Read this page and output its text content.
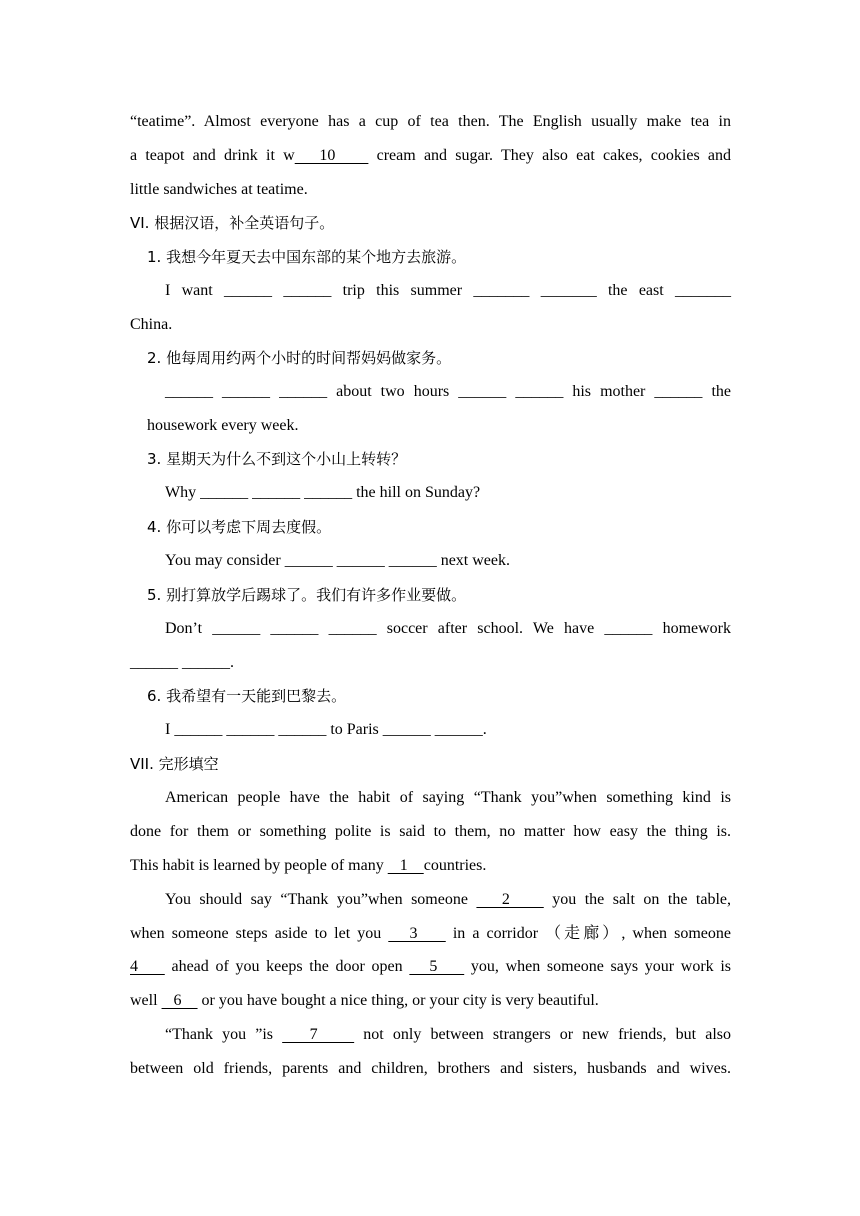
“teatime”. Almost everyone has a cup of tea then. The English usually make tea in
a teapot and drink it w   10     cream and sugar. They also eat cakes, cookies and
little sandwiches at teatime.
VI. 根据汉语，补全英语句子。
1. 我想今年夏天去中国东部的某个地方去旅游。
I want ______ ______ trip this summer _______ _______ the east _______
China.
2. 他每周用约两个小时的时间帮妈妈做家务。
______ ______ ______ about two hours ______ ______ his mother ______ the
housework every week.
3. 星期天为什么不到这个小山上转转？
Why ______ ______ ______ the hill on Sunday?
4. 你可以考虑下周去度假。
You may consider ______ ______ ______ next week.
5. 别打算放学后踢球了。我们有许多作业要做。
Don’t ______ ______ ______ soccer after school. We have ______ homework
______ ______.
6. 我希望有一天能到巴黎去。
I ______ ______ ______ to Paris ______ ______.
VII. 完形填空
American people have the habit of saying “Thank you”when something kind is
done for them or something polite is said to them, no matter how easy the thing is.
This habit is learned by people of many    1    countries.
You should say “Thank you”when someone    2     you the salt on the table,
when someone steps aside to let you    3     in a corridor （走廊）, when someone
4     ahead of you keeps the door open    5     you, when someone says your work is
well    6     or you have bought a nice thing, or your city is very beautiful.
“Thank you ”is    7     not only between strangers or new friends, but also
between old friends, parents and children, brothers and sisters, husbands and wives.
